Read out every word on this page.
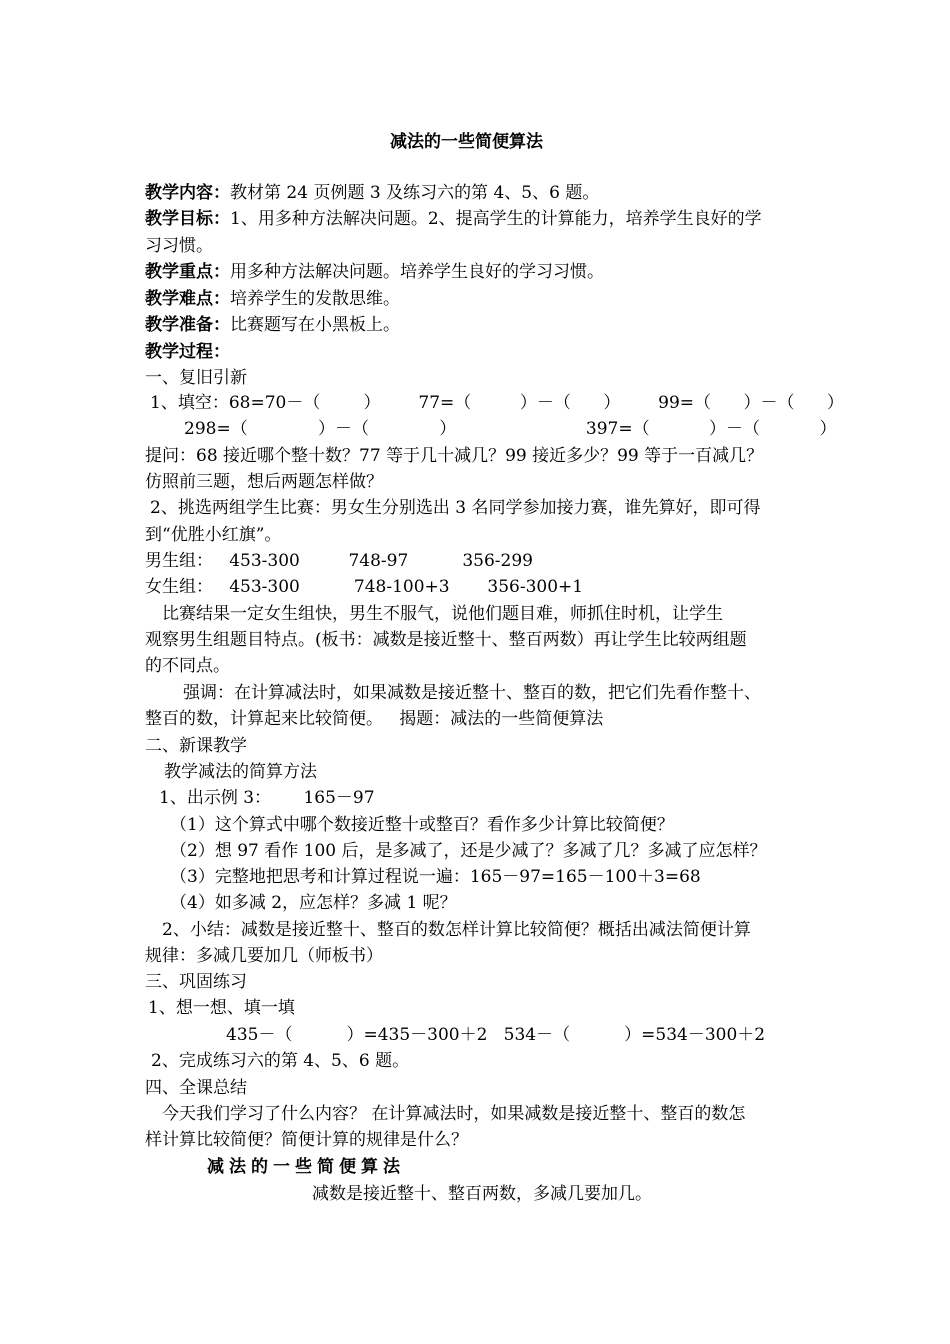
减法的一些简便算法
教学内容：教材第 24 页例题 3 及练习六的第 4、5、6 题。
教学目标：1、用多种方法解决问题。2、提高学生的计算能力，培养学生良好的学
习习惯。
教学重点：用多种方法解决问题。培养学生良好的学习习惯。
教学难点：培养学生的发散思维。
教学准备：比赛题写在小黑板上。
教学过程：
一、复旧引新
1、填空：68=70－（        ）       77=（         ）－（      ）       99=（      ）－（      ）
298=（             ）－（             ）                        397=（           ）－（           ）
提问：68 接近哪个整十数？77 等于几十减几？99 接近多少？99 等于一百减几？
仿照前三题，想后两题怎样做？
2、挑选两组学生比赛：男女生分别选出 3 名同学参加接力赛，谁先算好，即可得
到“优胜小红旗”。
男生组：   453-300         748-97          356-299
女生组：   453-300          748-100+3       356-300+1
比赛结果一定女生组快，男生不服气，说他们题目难，师抓住时机，让学生
观察男生组题目特点。(板书：减数是接近整十、整百两数）再让学生比较两组题
的不同点。
强调：在计算减法时，如果减数是接近整十、整百的数，把它们先看作整十、
整百的数，计算起来比较简便。   揭题：减法的一些简便算法
二、新课教学
教学减法的简算方法
1、出示例 3：      165－97
（1）这个算式中哪个数接近整十或整百？看作多少计算比较简便？
（2）想 97 看作 100 后，是多减了，还是少减了？多减了几？多减了应怎样？
（3）完整地把思考和计算过程说一遍：165－97=165－100＋3=68
（4）如多减 2，应怎样？多减 1 呢？
2、小结：减数是接近整十、整百的数怎样计算比较简便？概括出减法简便计算
规律：多减几要加几（师板书）
三、巩固练习
1、想一想、填一填
435－（          ）=435－300＋2   534－（          ）=534－300＋2
2、完成练习六的第 4、5、6 题。
四、全课总结
今天我们学习了什么内容？ 在计算减法时，如果减数是接近整十、整百的数怎
样计算比较简便？简便计算的规律是什么？
减法的一些简便算法
减数是接近整十、整百两数，多减几要加几。
